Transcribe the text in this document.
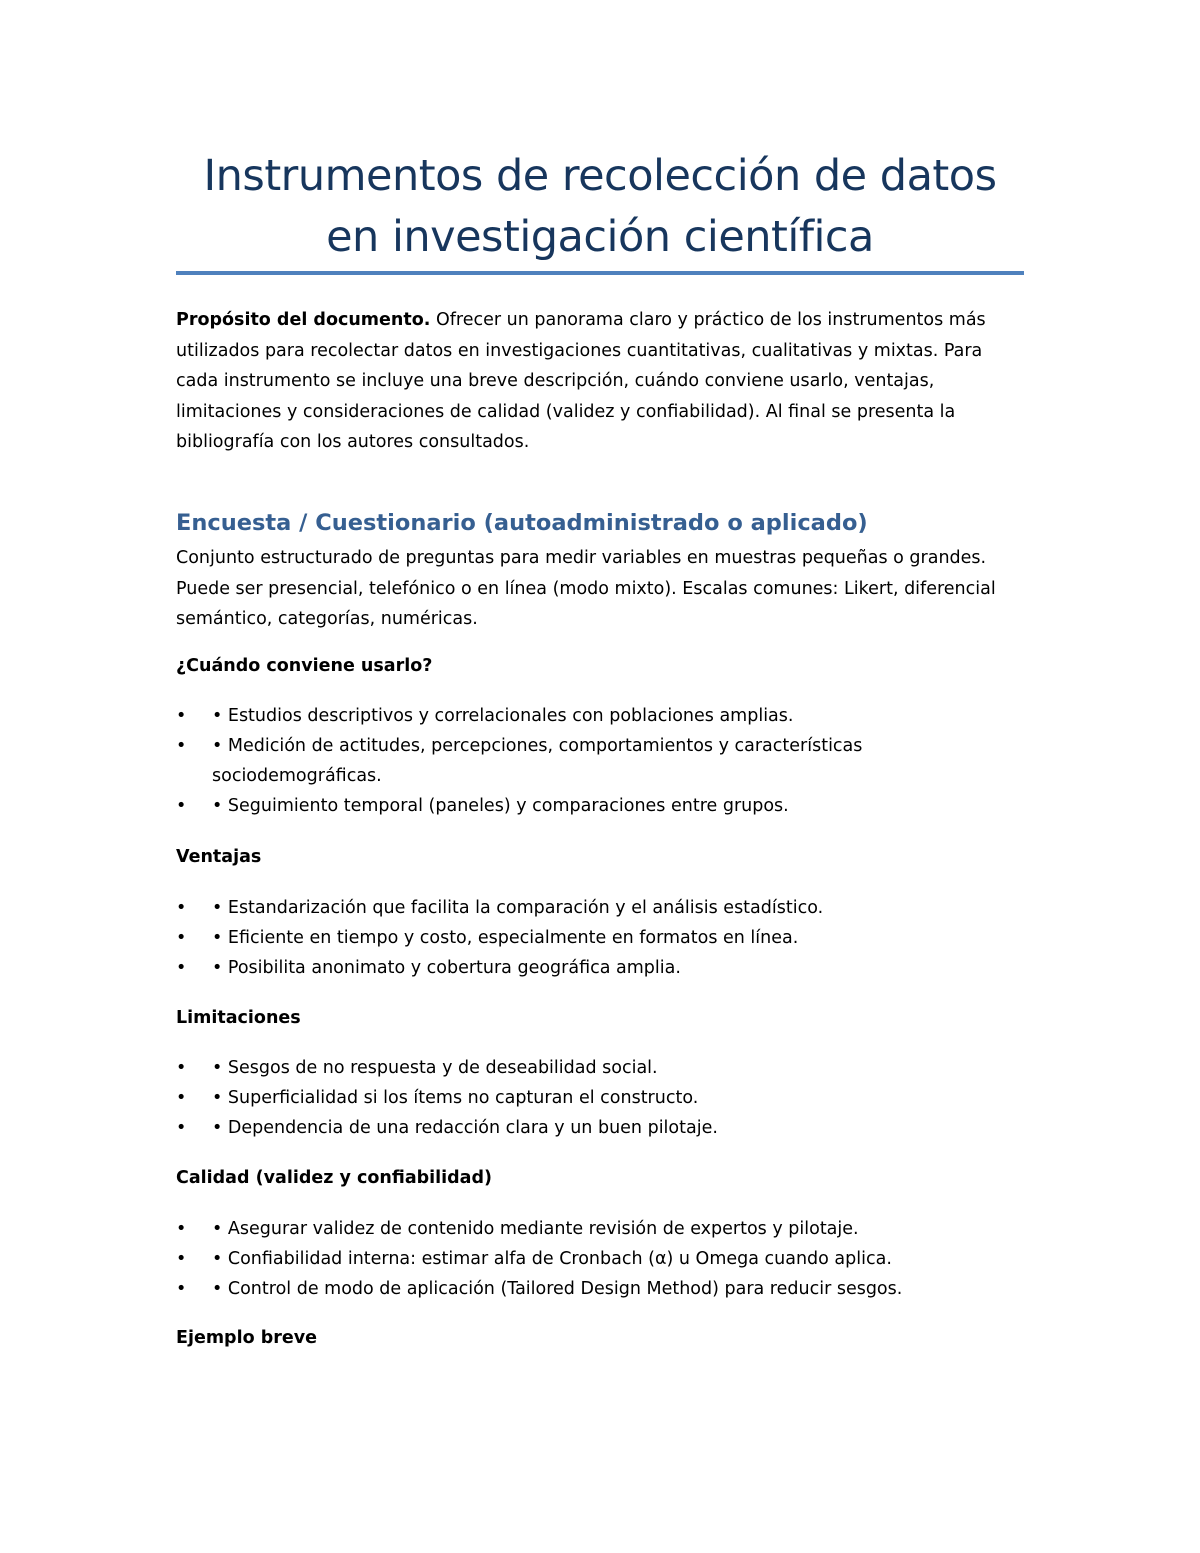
Instrumentos de recolección de datos en investigación científica

Propósito del documento. Ofrecer un panorama claro y práctico de los instrumentos más utilizados para recolectar datos en investigaciones cuantitativas, cualitativas y mixtas. Para cada instrumento se incluye una breve descripción, cuándo conviene usarlo, ventajas, limitaciones y consideraciones de calidad (validez y confiabilidad). Al final se presenta la bibliografía con los autores consultados.

Encuesta / Cuestionario (autoadministrado o aplicado)

Conjunto estructurado de preguntas para medir variables en muestras pequeñas o grandes. Puede ser presencial, telefónico o en línea (modo mixto). Escalas comunes: Likert, diferencial semántico, categorías, numéricas.

¿Cuándo conviene usarlo?
• • Estudios descriptivos y correlacionales con poblaciones amplias.
• • Medición de actitudes, percepciones, comportamientos y características sociodemográficas.
• • Seguimiento temporal (paneles) y comparaciones entre grupos.
Ventajas
• • Estandarización que facilita la comparación y el análisis estadístico.
• • Eficiente en tiempo y costo, especialmente en formatos en línea.
• • Posibilita anonimato y cobertura geográfica amplia.
Limitaciones
• • Sesgos de no respuesta y de deseabilidad social.
• • Superficialidad si los ítems no capturan el constructo.
• • Dependencia de una redacción clara y un buen pilotaje.
Calidad (validez y confiabilidad)
• • Asegurar validez de contenido mediante revisión de expertos y pilotaje.
• • Confiabilidad interna: estimar alfa de Cronbach (α) u Omega cuando aplica.
• • Control de modo de aplicación (Tailored Design Method) para reducir sesgos.
Ejemplo breve
